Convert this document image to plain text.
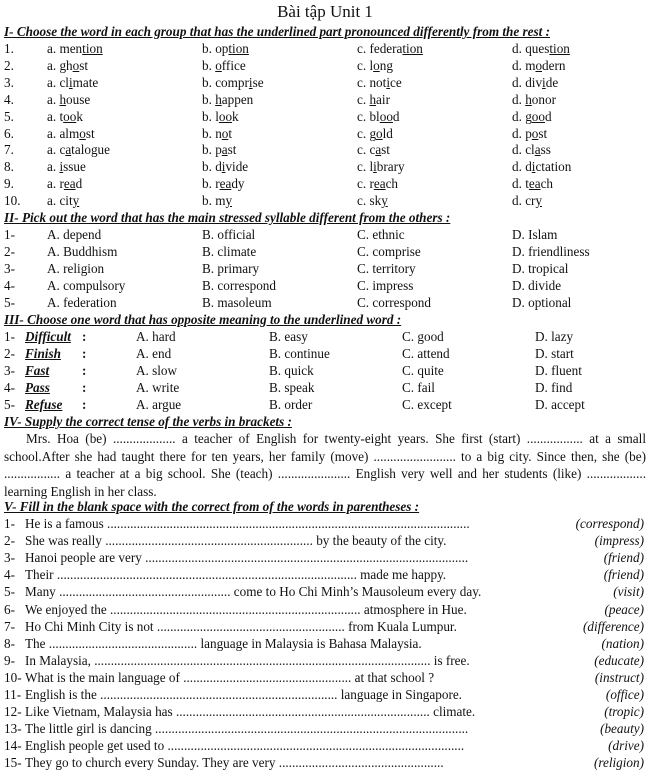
Bài tập Unit 1
I- Choose the word in each group that has the underlined part pronounced differently from the rest :
1.	a. mention	b. option	c. federation	d. question
2.	a. ghost	b. office	c. long	d. modern
3.	a. climate	b. comprise	c. notice	d. divide
4.	a. house	b. happen	c. hair	d. honor
5.	a. took	b. look	c. blood	d. good
6.	a. almost	b. not	c. gold	d. post
7.	a. catalogue	b. past	c. cast	d. class
8.	a. issue	b. divide	c. library	d. dictation
9.	a. read	b. ready	c. reach	d. teach
10. a. city	b. my	c. sky	d. cry
II- Pick out the word that has the main stressed syllable different from the others :
1- A. depend	B. official	C. ethnic	D. Islam
2- A. Buddhism	B. climate	C. comprise	D. friendliness
3- A. religion	B. primary	C. territory	D. tropical
4- A. compulsory	B. correspond	C. impress	D. divide
5- A. federation	B. masoleum	C. correspond	D. optional
III- Choose one word that has opposite meaning to the underlined word :
1- Difficult :	A. hard	B. easy	C. good	D. lazy
2- Finish :	A. end	B. continue	C. attend	D. start
3- Fast :	A. slow	B. quick	C. quite	D. fluent
4- Pass :	A. write	B. speak	C. fail	D. find
5- Refuse :	A. argue	B. order	C. except	D. accept
IV- Supply the correct tense of the verbs in brackets :
Mrs. Hoa (be) ................... a teacher of English for twenty-eight years. She first (start) ................. at a small school.After she had taught there for ten years, her family (move) ......................... to a big city. Since then, she (be) ................. a teacher at a big school. She (teach) ...................... English very well and her students (like) .................. learning English in her class.
V- Fill in the blank space with the correct from of the words in parentheses :
1- He is a famous ..............................................................................................................	(correspond)
2- She was really ............................................................... by the beauty of the city.	(impress)
3- Hanoi people are very ..................................................................................................	(friend)
4- Their ........................................................................................... made me happy.	(friend)
5- Many .................................................... come to Ho Chi Minh’s Mausoleum every day.	(visit)
6- We enjoyed the ............................................................................ atmosphere in Hue.	(peace)
7- Ho Chi Minh City is not ......................................................... from Kuala Lumpur.	(difference)
8- The ............................................. language in Malaysia is Bahasa Malaysia.	(nation)
9- In Malaysia, ...................................................................................................... is free.	(educate)
10- What is the main language of ................................................... at that school ?	(instruct)
11- English is the ........................................................................ language in Singapore.	(office)
12- Like Vietnam, Malaysia has ............................................................................. climate.	(tropic)
13- The little girl is dancing ...............................................................................................	(beauty)
14- English people get used to ..........................................................................................	(drive)
15- They go to church every Sunday. They are very ..................................................	(religion)
